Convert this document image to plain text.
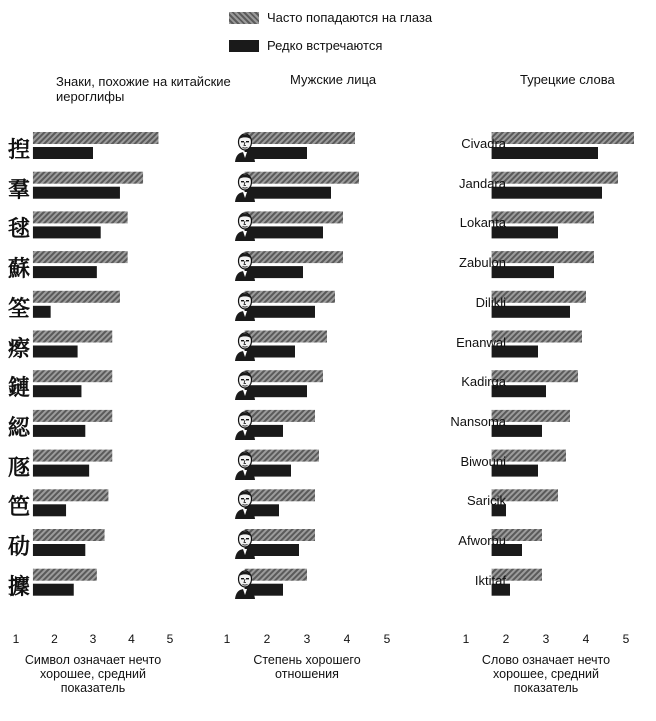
Часто попадаются на глаза
Редко встречаются
Знаки, похожие на китайские иероглифы
Мужские лица	Турецкие слова
揑
羣
毬
蘇
筌
瘵
鏈
綛
豗
笆
劯
攈
1	2	3	4	5
Символ означает нечто хорошее, средний показатель
1	2	3	4	5
Степень хорошего отношения
Civadra
Jandara
Lokanta
Zabulon
Dilikli
Enanwal
Kadirga
Nansoma
Biwouni
Saricik
Afworbu
Iktitaf
1	2	3	4	5
Слово означает нечто хорошее, средний показатель
